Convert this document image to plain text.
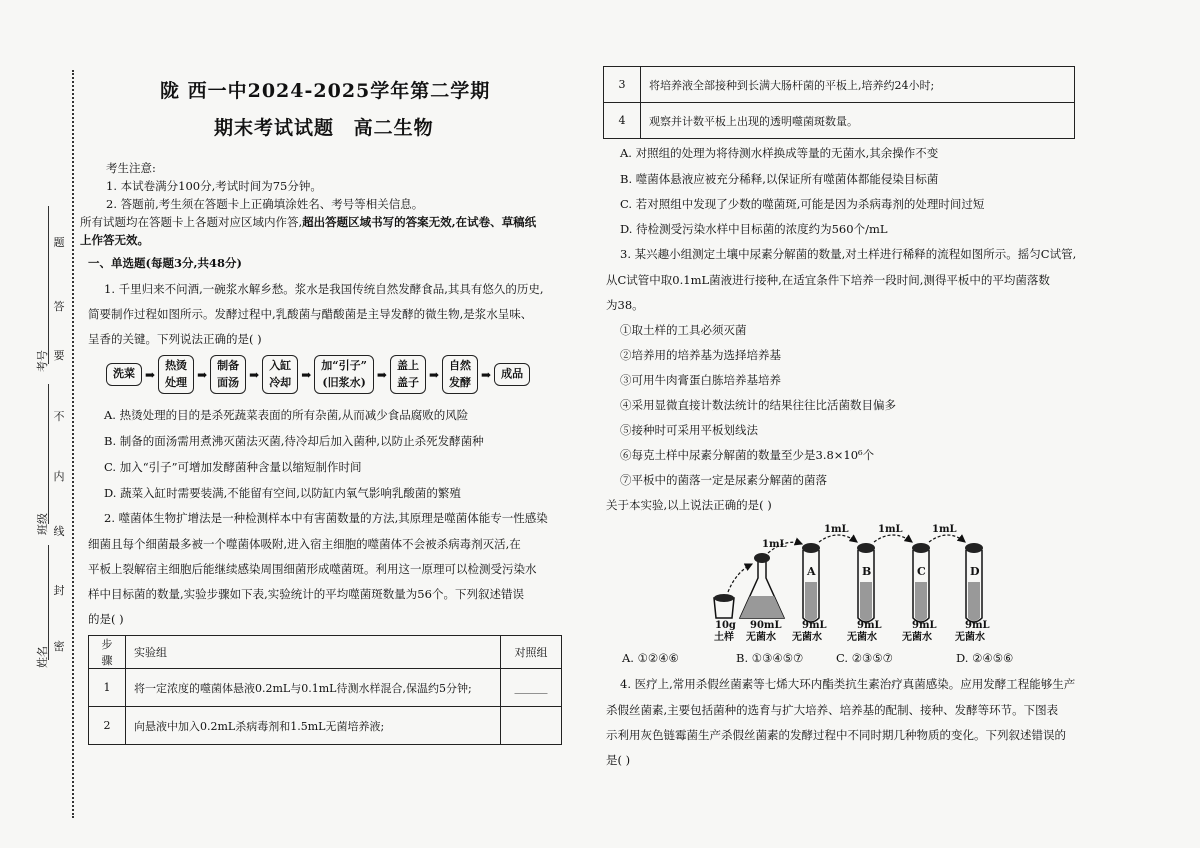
题
答
要
不
内
线
封
密
考号
班级
姓名
陇 西一中2024-2025学年第二学期
期末考试试题 高二生物
考生注意:
1. 本试卷满分100分,考试时间为75分钟。
2. 答题前,考生须在答题卡上正确填涂姓名、考号等相关信息。
所有试题均在答题卡上各题对应区域内作答,超出答题区域书写的答案无效,在试卷、草稿纸
上作答无效。
一、单选题(每题3分,共48分)
1. 千里归来不问酒,一碗浆水解乡愁。浆水是我国传统自然发酵食品,其具有悠久的历史,
简要制作过程如图所示。发酵过程中,乳酸菌与醋酸菌是主导发酵的微生物,是浆水呈味、
呈香的关键。下列说法正确的是( )
洗菜 ➡
热烫
处理
➡
制备
面汤
➡
入缸
冷却
➡
加“引子”
(旧浆水)
➡
盖上
盖子
➡
自然
发酵
➡ 成品
A. 热烫处理的目的是杀死蔬菜表面的所有杂菌,从而减少食品腐败的风险
B. 制备的面汤需用煮沸灭菌法灭菌,待冷却后加入菌种,以防止杀死发酵菌种
C. 加入“引子”可增加发酵菌种含量以缩短制作时间
D. 蔬菜入缸时需要装满,不能留有空间,以防缸内氧气影响乳酸菌的繁殖
2. 噬菌体生物扩增法是一种检测样本中有害菌数量的方法,其原理是噬菌体能专一性感染
细菌且每个细菌最多被一个噬菌体吸附,进入宿主细胞的噬菌体不会被杀病毒剂灭活,在
平板上裂解宿主细胞后能继续感染周围细菌形成噬菌斑。利用这一原理可以检测受污染水
样中目标菌的数量,实验步骤如下表,实验统计的平均噬菌斑数量为56个。下列叙述错误
的是( )
步骤	实验组	对照组
1	将一定浓度的噬菌体悬液0.2mL与0.1mL待测水样混合,保温约5分钟;	______
2	向悬液中加入0.2mL杀病毒剂和1.5mL无菌培养液;	
3	将培养液全部接种到长满大肠杆菌的平板上,培养约24小时;
4	观察并计数平板上出现的透明噬菌斑数量。
A. 对照组的处理为将待测水样换成等量的无菌水,其余操作不变
B. 噬菌体悬液应被充分稀释,以保证所有噬菌体都能侵染目标菌
C. 若对照组中发现了少数的噬菌斑,可能是因为杀病毒剂的处理时间过短
D. 待检测受污染水样中目标菌的浓度约为560个/mL
3. 某兴趣小组测定土壤中尿素分解菌的数量,对土样进行稀释的流程如图所示。摇匀C试管,
从C试管中取0.1mL菌液进行接种,在适宜条件下培养一段时间,测得平板中的平均菌落数
为38。
①取土样的工具必须灭菌
②培养用的培养基为选择培养基
③可用牛肉膏蛋白胨培养基培养
④采用显微直接计数法统计的结果往往比活菌数目偏多
⑤接种时可采用平板划线法
⑥每克土样中尿素分解菌的数量至少是3.8×10⁶个
⑦平板中的菌落一定是尿素分解菌的菌落
关于本实验,以上说法正确的是( )
1mL
1mL	1mL	1mL
A	B	C	D
10g
土样
90mL
无菌水
9mL
无菌水
9mL
无菌水
9mL
无菌水
9mL
无菌水
A. ①②④⑥	B. ①③④⑤⑦	C. ②③⑤⑦	D. ②④⑤⑥
4. 医疗上,常用杀假丝菌素等七烯大环内酯类抗生素治疗真菌感染。应用发酵工程能够生产
杀假丝菌素,主要包括菌种的选育与扩大培养、培养基的配制、接种、发酵等环节。下图表
示利用灰色链霉菌生产杀假丝菌素的发酵过程中不同时期几种物质的变化。下列叙述错误的
是( )
